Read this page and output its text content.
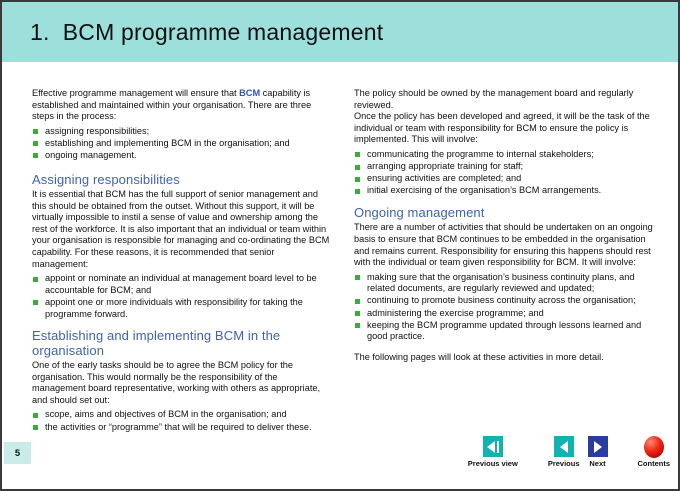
1.  BCM programme management

Effective programme management will ensure that BCM capability is established and maintained within your organisation. There are three steps in the process:

assigning responsibilities;
establishing and implementing BCM in the organisation; and
ongoing management.
Assigning responsibilities

It is essential that BCM has the full support of senior management and this should be obtained from the outset. Without this support, it will be virtually impossible to instil a sense of value and ownership among the rest of the workforce. It is also important that an individual or team within your organisation is responsible for managing and co-ordinating the BCM capability. For these reasons, it is recommended that senior management:

appoint or nominate an individual at management board level to be accountable for BCM; and
appoint one or more individuals with responsibility for taking the programme forward.
Establishing and implementing BCM in the organisation

One of the early tasks should be to agree the BCM policy for the organisation. This would normally be the responsibility of the management board representative, working with others as appropriate, and should set out:

scope, aims and objectives of BCM in the organisation; and
the activities or “programme” that will be required to deliver these.

The policy should be owned by the management board and regularly reviewed.

Once the policy has been developed and agreed, it will be the task of the individual or team with responsibility for BCM to ensure the policy is implemented. This will involve:

communicating the programme to internal stakeholders;
arranging appropriate training for staff;
ensuring activities are completed; and
initial exercising of the organisation’s BCM arrangements.
Ongoing management

There are a number of activities that should be undertaken on an ongoing basis to ensure that BCM continues to be embedded in the organisation and remains current. Responsibility for ensuring this happens should rest with the individual or team given responsibility for BCM. It will involve:

making sure that the organisation’s business continuity plans, and related documents, are regularly reviewed and updated;
continuing to promote business continuity across the organisation;
administering the exercise programme; and
keeping the BCM programme updated through lessons learned and good practice.

The following pages will look at these activities in more detail.

5
Previous view	Previous Next	Contents
